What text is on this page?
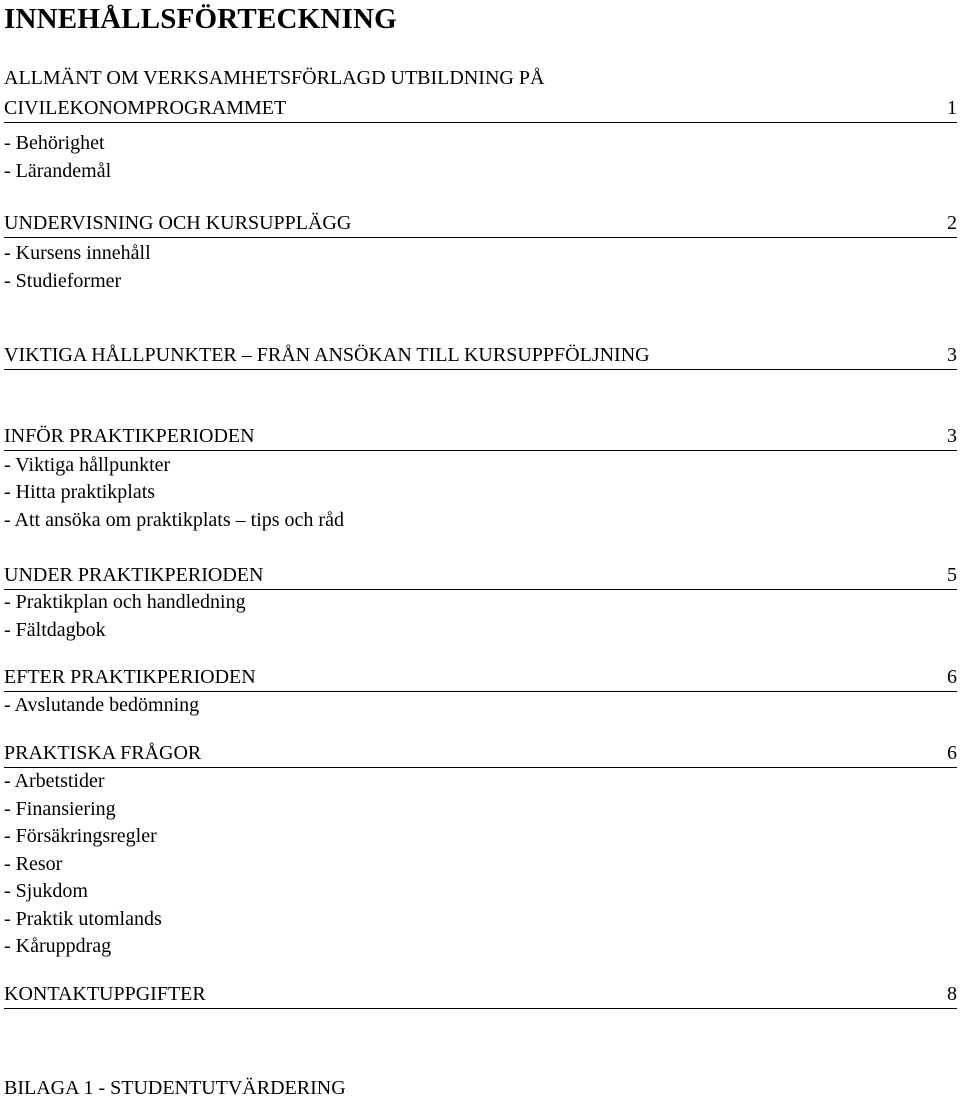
INNEHÅLLSFÖRTECKNING
ALLMÄNT OM VERKSAMHETSFÖRLAGD UTBILDNING PÅ
CIVILEKONOMPROGRAMMET	1
- Behörighet
- Lärandemål
UNDERVISNING OCH KURSUPPLÄGG	2
- Kursens innehåll
- Studieformer
VIKTIGA HÅLLPUNKTER – FRÅN ANSÖKAN TILL KURSUPPFÖLJNING	3
INFÖR PRAKTIKPERIODEN	3
- Viktiga hållpunkter
- Hitta praktikplats
- Att ansöka om praktikplats – tips och råd
UNDER PRAKTIKPERIODEN	5
- Praktikplan och handledning
- Fältdagbok
EFTER PRAKTIKPERIODEN	6
- Avslutande bedömning
PRAKTISKA FRÅGOR	6
- Arbetstider
- Finansiering
- Försäkringsregler
- Resor
- Sjukdom
- Praktik utomlands
- Kåruppdrag
KONTAKTUPPGIFTER	8
BILAGA 1 - STUDENTUTVÄRDERING
